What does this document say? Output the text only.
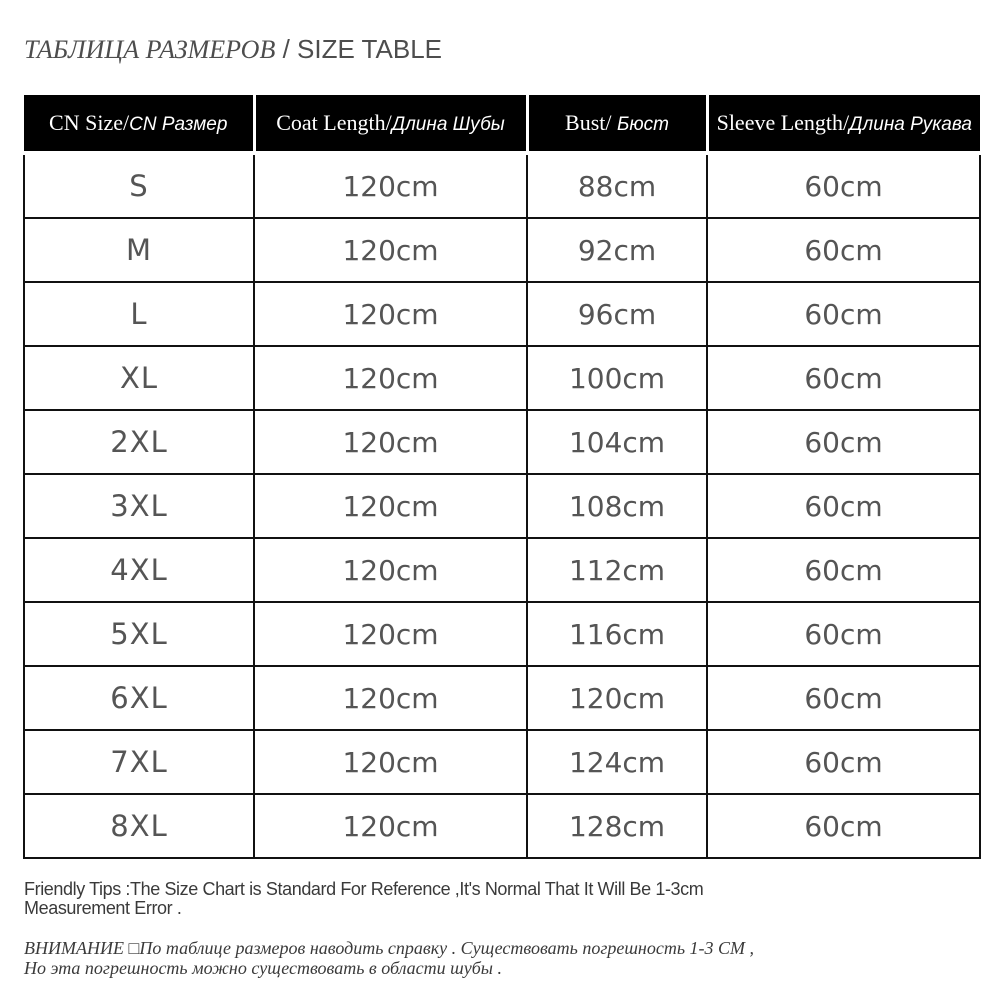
ТАБЛИЦА РАЗМЕРОВ / SIZE TABLE
CN Size/CN Размер	Coat Length/Длина Шубы	Bust/ Бюст	Sleeve Length/Длина Рукава
S	120cm	88cm	60cm
M	120cm	92cm	60cm
L	120cm	96cm	60cm
XL	120cm	100cm	60cm
2XL	120cm	104cm	60cm
3XL	120cm	108cm	60cm
4XL	120cm	112cm	60cm
5XL	120cm	116cm	60cm
6XL	120cm	120cm	60cm
7XL	120cm	124cm	60cm
8XL	120cm	128cm	60cm
Friendly Tips :The Size Chart is Standard For Reference ,It's Normal That It Will Be 1-3cm
Measurement Error .
ВНИМАНИЕ □По таблице размеров наводить справку . Существовать погрешность 1-3 СМ ,
Но эта погрешность можно существовать в области шубы .
